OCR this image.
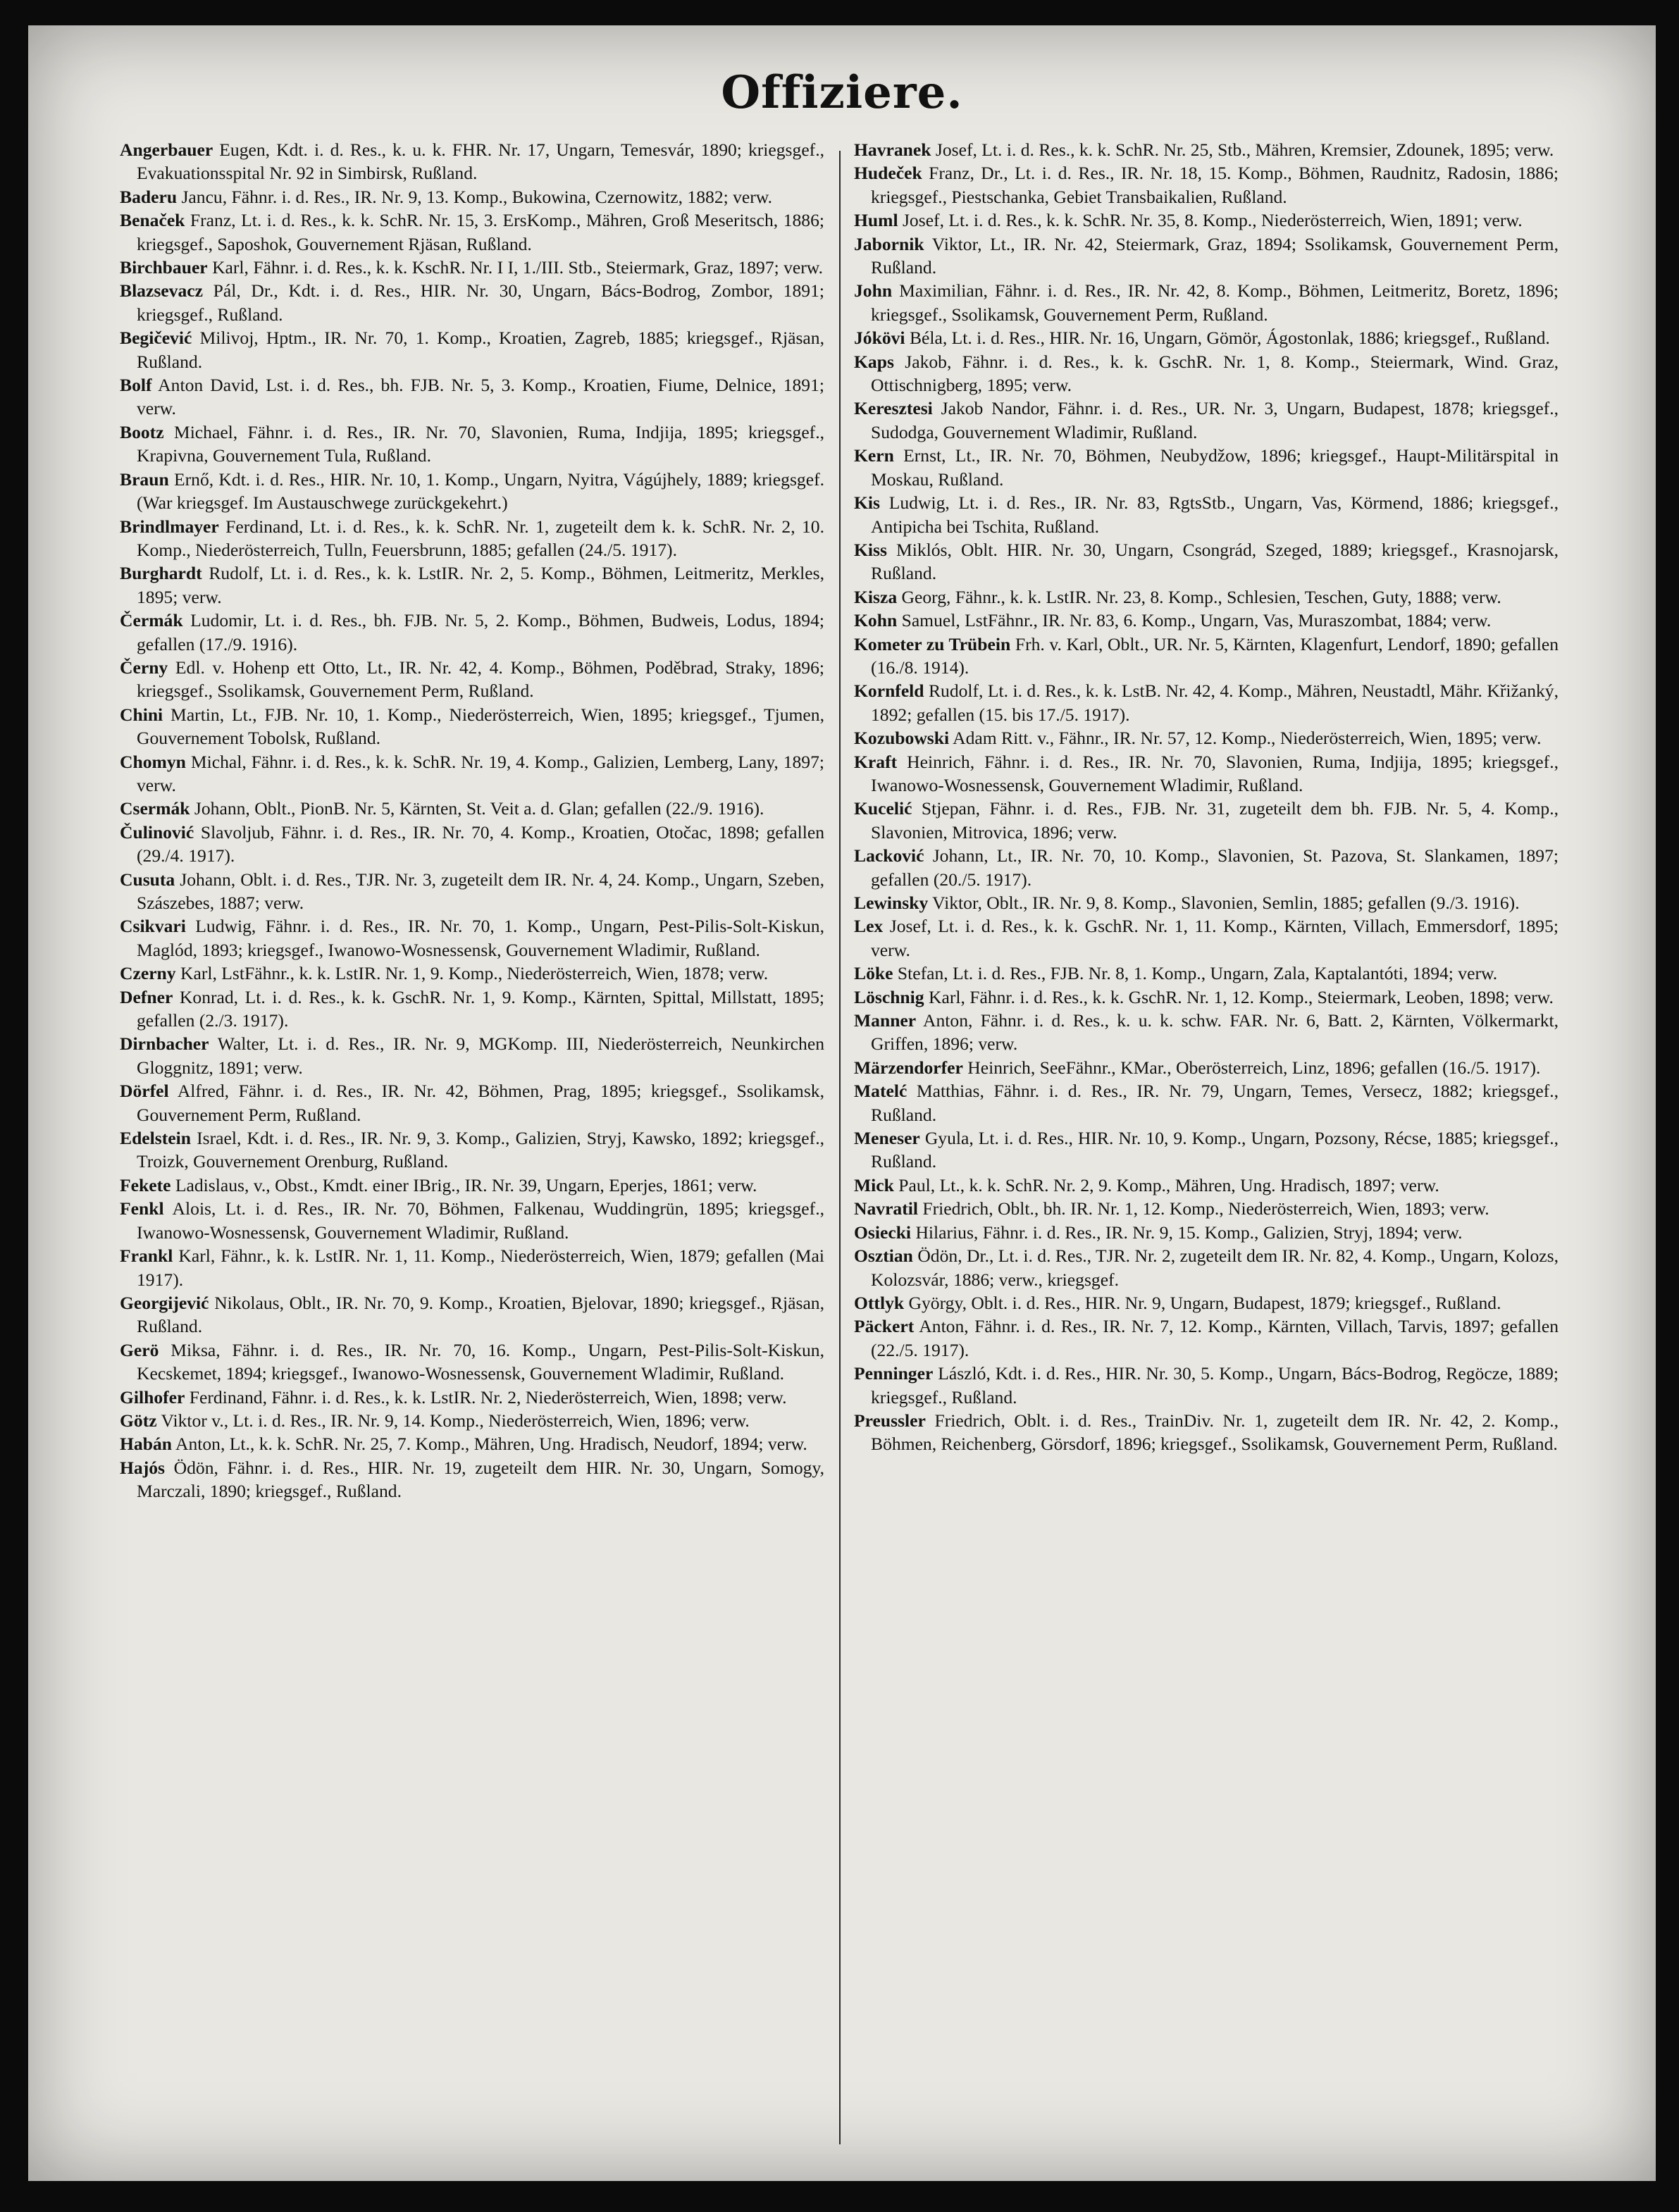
Offiziere.

Angerbauer Eugen, Kdt. i. d. Res., k. u. k. FHR. Nr. 17, Ungarn, Temesvár, 1890; kriegsgef., Evakuationsspital Nr. 92 in Simbirsk, Rußland.

Baderu Jancu, Fähnr. i. d. Res., IR. Nr. 9, 13. Komp., Bukowina, Czernowitz, 1882; verw.

Benaček Franz, Lt. i. d. Res., k. k. SchR. Nr. 15, 3. ErsKomp., Mähren, Groß Meseritsch, 1886; kriegsgef., Saposhok, Gouvernement Rjäsan, Rußland.

Birchbauer Karl, Fähnr. i. d. Res., k. k. KschR. Nr. I I, 1./III. Stb., Steiermark, Graz, 1897; verw.

Blazsevacz Pál, Dr., Kdt. i. d. Res., HIR. Nr. 30, Ungarn, Bács-Bodrog, Zombor, 1891; kriegsgef., Rußland.

Begičević Milivoj, Hptm., IR. Nr. 70, 1. Komp., Kroatien, Zagreb, 1885; kriegsgef., Rjäsan, Rußland.

Bolf Anton David, Lst. i. d. Res., bh. FJB. Nr. 5, 3. Komp., Kroatien, Fiume, Delnice, 1891; verw.

Bootz Michael, Fähnr. i. d. Res., IR. Nr. 70, Slavonien, Ruma, Indjija, 1895; kriegsgef., Krapivna, Gouvernement Tula, Rußland.

Braun Ernő, Kdt. i. d. Res., HIR. Nr. 10, 1. Komp., Ungarn, Nyitra, Vágújhely, 1889; kriegsgef. (War kriegsgef. Im Austauschwege zurückgekehrt.)

Brindlmayer Ferdinand, Lt. i. d. Res., k. k. SchR. Nr. 1, zugeteilt dem k. k. SchR. Nr. 2, 10. Komp., Niederösterreich, Tulln, Feuersbrunn, 1885; gefallen (24./5. 1917).

Burghardt Rudolf, Lt. i. d. Res., k. k. LstIR. Nr. 2, 5. Komp., Böhmen, Leitmeritz, Merkles, 1895; verw.

Čermák Ludomir, Lt. i. d. Res., bh. FJB. Nr. 5, 2. Komp., Böhmen, Budweis, Lodus, 1894; gefallen (17./9. 1916).

Černy Edl. v. Hohenp ett Otto, Lt., IR. Nr. 42, 4. Komp., Böhmen, Poděbrad, Straky, 1896; kriegsgef., Ssolikamsk, Gouvernement Perm, Rußland.

Chini Martin, Lt., FJB. Nr. 10, 1. Komp., Niederösterreich, Wien, 1895; kriegsgef., Tjumen, Gouvernement Tobolsk, Rußland.

Chomyn Michal, Fähnr. i. d. Res., k. k. SchR. Nr. 19, 4. Komp., Galizien, Lemberg, Lany, 1897; verw.

Csermák Johann, Oblt., PionB. Nr. 5, Kärnten, St. Veit a. d. Glan; gefallen (22./9. 1916).

Čulinović Slavoljub, Fähnr. i. d. Res., IR. Nr. 70, 4. Komp., Kroatien, Otočac, 1898; gefallen (29./4. 1917).

Cusuta Johann, Oblt. i. d. Res., TJR. Nr. 3, zugeteilt dem IR. Nr. 4, 24. Komp., Ungarn, Szeben, Szászebes, 1887; verw.

Csikvari Ludwig, Fähnr. i. d. Res., IR. Nr. 70, 1. Komp., Ungarn, Pest-Pilis-Solt-Kiskun, Maglód, 1893; kriegsgef., Iwanowo-Wosnessensk, Gouvernement Wladimir, Rußland.

Czerny Karl, LstFähnr., k. k. LstIR. Nr. 1, 9. Komp., Niederösterreich, Wien, 1878; verw.

Defner Konrad, Lt. i. d. Res., k. k. GschR. Nr. 1, 9. Komp., Kärnten, Spittal, Millstatt, 1895; gefallen (2./3. 1917).

Dirnbacher Walter, Lt. i. d. Res., IR. Nr. 9, MGKomp. III, Niederösterreich, Neunkirchen Gloggnitz, 1891; verw.

Dörfel Alfred, Fähnr. i. d. Res., IR. Nr. 42, Böhmen, Prag, 1895; kriegsgef., Ssolikamsk, Gouvernement Perm, Rußland.

Edelstein Israel, Kdt. i. d. Res., IR. Nr. 9, 3. Komp., Galizien, Stryj, Kawsko, 1892; kriegsgef., Troizk, Gouvernement Orenburg, Rußland.

Fekete Ladislaus, v., Obst., Kmdt. einer IBrig., IR. Nr. 39, Ungarn, Eperjes, 1861; verw.

Fenkl Alois, Lt. i. d. Res., IR. Nr. 70, Böhmen, Falkenau, Wuddingrün, 1895; kriegsgef., Iwanowo-Wosnessensk, Gouvernement Wladimir, Rußland.

Frankl Karl, Fähnr., k. k. LstIR. Nr. 1, 11. Komp., Niederösterreich, Wien, 1879; gefallen (Mai 1917).

Georgijević Nikolaus, Oblt., IR. Nr. 70, 9. Komp., Kroatien, Bjelovar, 1890; kriegsgef., Rjäsan, Rußland.

Gerö Miksa, Fähnr. i. d. Res., IR. Nr. 70, 16. Komp., Ungarn, Pest-Pilis-Solt-Kiskun, Kecskemet, 1894; kriegsgef., Iwanowo-Wosnessensk, Gouvernement Wladimir, Rußland.

Gilhofer Ferdinand, Fähnr. i. d. Res., k. k. LstIR. Nr. 2, Niederösterreich, Wien, 1898; verw.

Götz Viktor v., Lt. i. d. Res., IR. Nr. 9, 14. Komp., Niederösterreich, Wien, 1896; verw.

Habán Anton, Lt., k. k. SchR. Nr. 25, 7. Komp., Mähren, Ung. Hradisch, Neudorf, 1894; verw.

Hajós Ödön, Fähnr. i. d. Res., HIR. Nr. 19, zugeteilt dem HIR. Nr. 30, Ungarn, Somogy, Marczali, 1890; kriegsgef., Rußland.

Havranek Josef, Lt. i. d. Res., k. k. SchR. Nr. 25, Stb., Mähren, Kremsier, Zdounek, 1895; verw.

Hudeček Franz, Dr., Lt. i. d. Res., IR. Nr. 18, 15. Komp., Böhmen, Raudnitz, Radosin, 1886; kriegsgef., Piestschanka, Gebiet Transbaikalien, Rußland.

Huml Josef, Lt. i. d. Res., k. k. SchR. Nr. 35, 8. Komp., Niederösterreich, Wien, 1891; verw.

Jabornik Viktor, Lt., IR. Nr. 42, Steiermark, Graz, 1894; Ssolikamsk, Gouvernement Perm, Rußland.

John Maximilian, Fähnr. i. d. Res., IR. Nr. 42, 8. Komp., Böhmen, Leitmeritz, Boretz, 1896; kriegsgef., Ssolikamsk, Gouvernement Perm, Rußland.

Jókövi Béla, Lt. i. d. Res., HIR. Nr. 16, Ungarn, Gömör, Ágostonlak, 1886; kriegsgef., Rußland.

Kaps Jakob, Fähnr. i. d. Res., k. k. GschR. Nr. 1, 8. Komp., Steiermark, Wind. Graz, Ottischnigberg, 1895; verw.

Keresztesi Jakob Nandor, Fähnr. i. d. Res., UR. Nr. 3, Ungarn, Budapest, 1878; kriegsgef., Sudodga, Gouvernement Wladimir, Rußland.

Kern Ernst, Lt., IR. Nr. 70, Böhmen, Neubydžow, 1896; kriegsgef., Haupt-Militärspital in Moskau, Rußland.

Kis Ludwig, Lt. i. d. Res., IR. Nr. 83, RgtsStb., Ungarn, Vas, Körmend, 1886; kriegsgef., Antipicha bei Tschita, Rußland.

Kiss Miklós, Oblt. HIR. Nr. 30, Ungarn, Csongrád, Szeged, 1889; kriegsgef., Krasnojarsk, Rußland.

Kisza Georg, Fähnr., k. k. LstIR. Nr. 23, 8. Komp., Schlesien, Teschen, Guty, 1888; verw.

Kohn Samuel, LstFähnr., IR. Nr. 83, 6. Komp., Ungarn, Vas, Muraszombat, 1884; verw.

Kometer zu Trübein Frh. v. Karl, Oblt., UR. Nr. 5, Kärnten, Klagenfurt, Lendorf, 1890; gefallen (16./8. 1914).

Kornfeld Rudolf, Lt. i. d. Res., k. k. LstB. Nr. 42, 4. Komp., Mähren, Neustadtl, Mähr. Křižanký, 1892; gefallen (15. bis 17./5. 1917).

Kozubowski Adam Ritt. v., Fähnr., IR. Nr. 57, 12. Komp., Niederösterreich, Wien, 1895; verw.

Kraft Heinrich, Fähnr. i. d. Res., IR. Nr. 70, Slavonien, Ruma, Indjija, 1895; kriegsgef., Iwanowo-Wosnessensk, Gouvernement Wladimir, Rußland.

Kucelić Stjepan, Fähnr. i. d. Res., FJB. Nr. 31, zugeteilt dem bh. FJB. Nr. 5, 4. Komp., Slavonien, Mitrovica, 1896; verw.

Lacković Johann, Lt., IR. Nr. 70, 10. Komp., Slavonien, St. Pazova, St. Slankamen, 1897; gefallen (20./5. 1917).

Lewinsky Viktor, Oblt., IR. Nr. 9, 8. Komp., Slavonien, Semlin, 1885; gefallen (9./3. 1916).

Lex Josef, Lt. i. d. Res., k. k. GschR. Nr. 1, 11. Komp., Kärnten, Villach, Emmersdorf, 1895; verw.

Löke Stefan, Lt. i. d. Res., FJB. Nr. 8, 1. Komp., Ungarn, Zala, Kaptalantóti, 1894; verw.

Löschnig Karl, Fähnr. i. d. Res., k. k. GschR. Nr. 1, 12. Komp., Steiermark, Leoben, 1898; verw.

Manner Anton, Fähnr. i. d. Res., k. u. k. schw. FAR. Nr. 6, Batt. 2, Kärnten, Völkermarkt, Griffen, 1896; verw.

Märzendorfer Heinrich, SeeFähnr., KMar., Oberösterreich, Linz, 1896; gefallen (16./5. 1917).

Matelć Matthias, Fähnr. i. d. Res., IR. Nr. 79, Ungarn, Temes, Versecz, 1882; kriegsgef., Rußland.

Meneser Gyula, Lt. i. d. Res., HIR. Nr. 10, 9. Komp., Ungarn, Pozsony, Récse, 1885; kriegsgef., Rußland.

Mick Paul, Lt., k. k. SchR. Nr. 2, 9. Komp., Mähren, Ung. Hradisch, 1897; verw.

Navratil Friedrich, Oblt., bh. IR. Nr. 1, 12. Komp., Niederösterreich, Wien, 1893; verw.

Osiecki Hilarius, Fähnr. i. d. Res., IR. Nr. 9, 15. Komp., Galizien, Stryj, 1894; verw.

Osztian Ödön, Dr., Lt. i. d. Res., TJR. Nr. 2, zugeteilt dem IR. Nr. 82, 4. Komp., Ungarn, Kolozs, Kolozsvár, 1886; verw., kriegsgef.

Ottlyk György, Oblt. i. d. Res., HIR. Nr. 9, Ungarn, Budapest, 1879; kriegsgef., Rußland.

Päckert Anton, Fähnr. i. d. Res., IR. Nr. 7, 12. Komp., Kärnten, Villach, Tarvis, 1897; gefallen (22./5. 1917).

Penninger László, Kdt. i. d. Res., HIR. Nr. 30, 5. Komp., Ungarn, Bács-Bodrog, Regöcze, 1889; kriegsgef., Rußland.

Preussler Friedrich, Oblt. i. d. Res., TrainDiv. Nr. 1, zugeteilt dem IR. Nr. 42, 2. Komp., Böhmen, Reichenberg, Görsdorf, 1896; kriegsgef., Ssolikamsk, Gouvernement Perm, Rußland.
